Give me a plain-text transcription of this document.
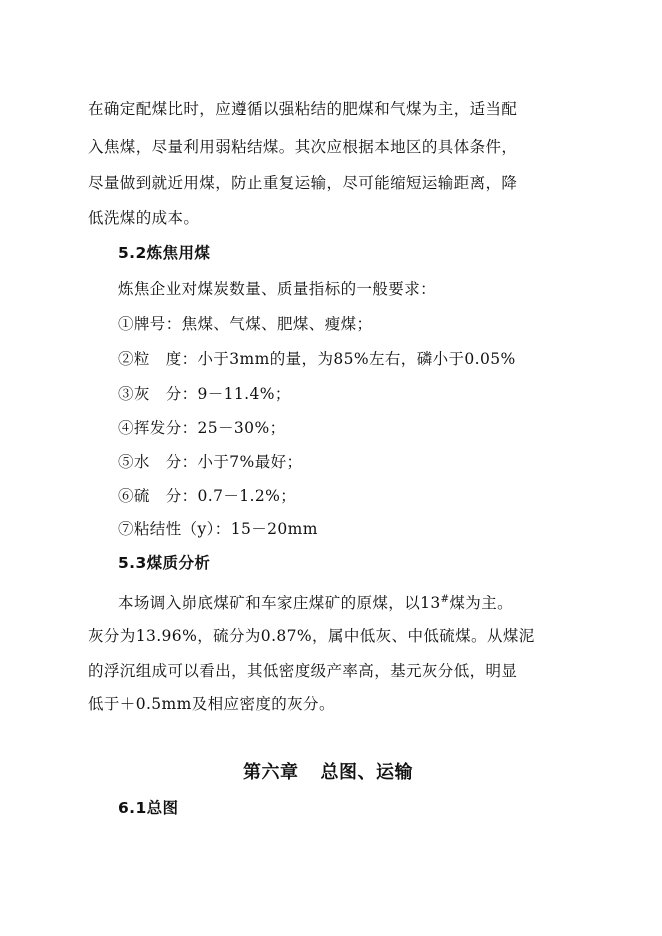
在确定配煤比时，应遵循以强粘结的肥煤和气煤为主，适当配
入焦煤，尽量利用弱粘结煤。其次应根据本地区的具体条件，
尽量做到就近用煤，防止重复运输，尽可能缩短运输距离，降
低洗煤的成本。
5.2炼焦用煤
炼焦企业对煤炭数量、质量指标的一般要求：
①牌号：焦煤、气煤、肥煤、瘦煤；
②粒　度：小于3mm的量，为85%左右，磷小于0.05%
③灰　分：9－11.4%；
④挥发分：25－30%；
⑤水　分：小于7%最好；
⑥硫　分：0.7－1.2%；
⑦粘结性（y）：15－20mm
5.3煤质分析
本场调入峁底煤矿和车家庄煤矿的原煤，以13#煤为主。
灰分为13.96%，硫分为0.87%，属中低灰、中低硫煤。从煤泥
的浮沉组成可以看出，其低密度级产率高，基元灰分低，明显
低于＋0.5mm及相应密度的灰分。
第六章 总图、运输
6.1总图
